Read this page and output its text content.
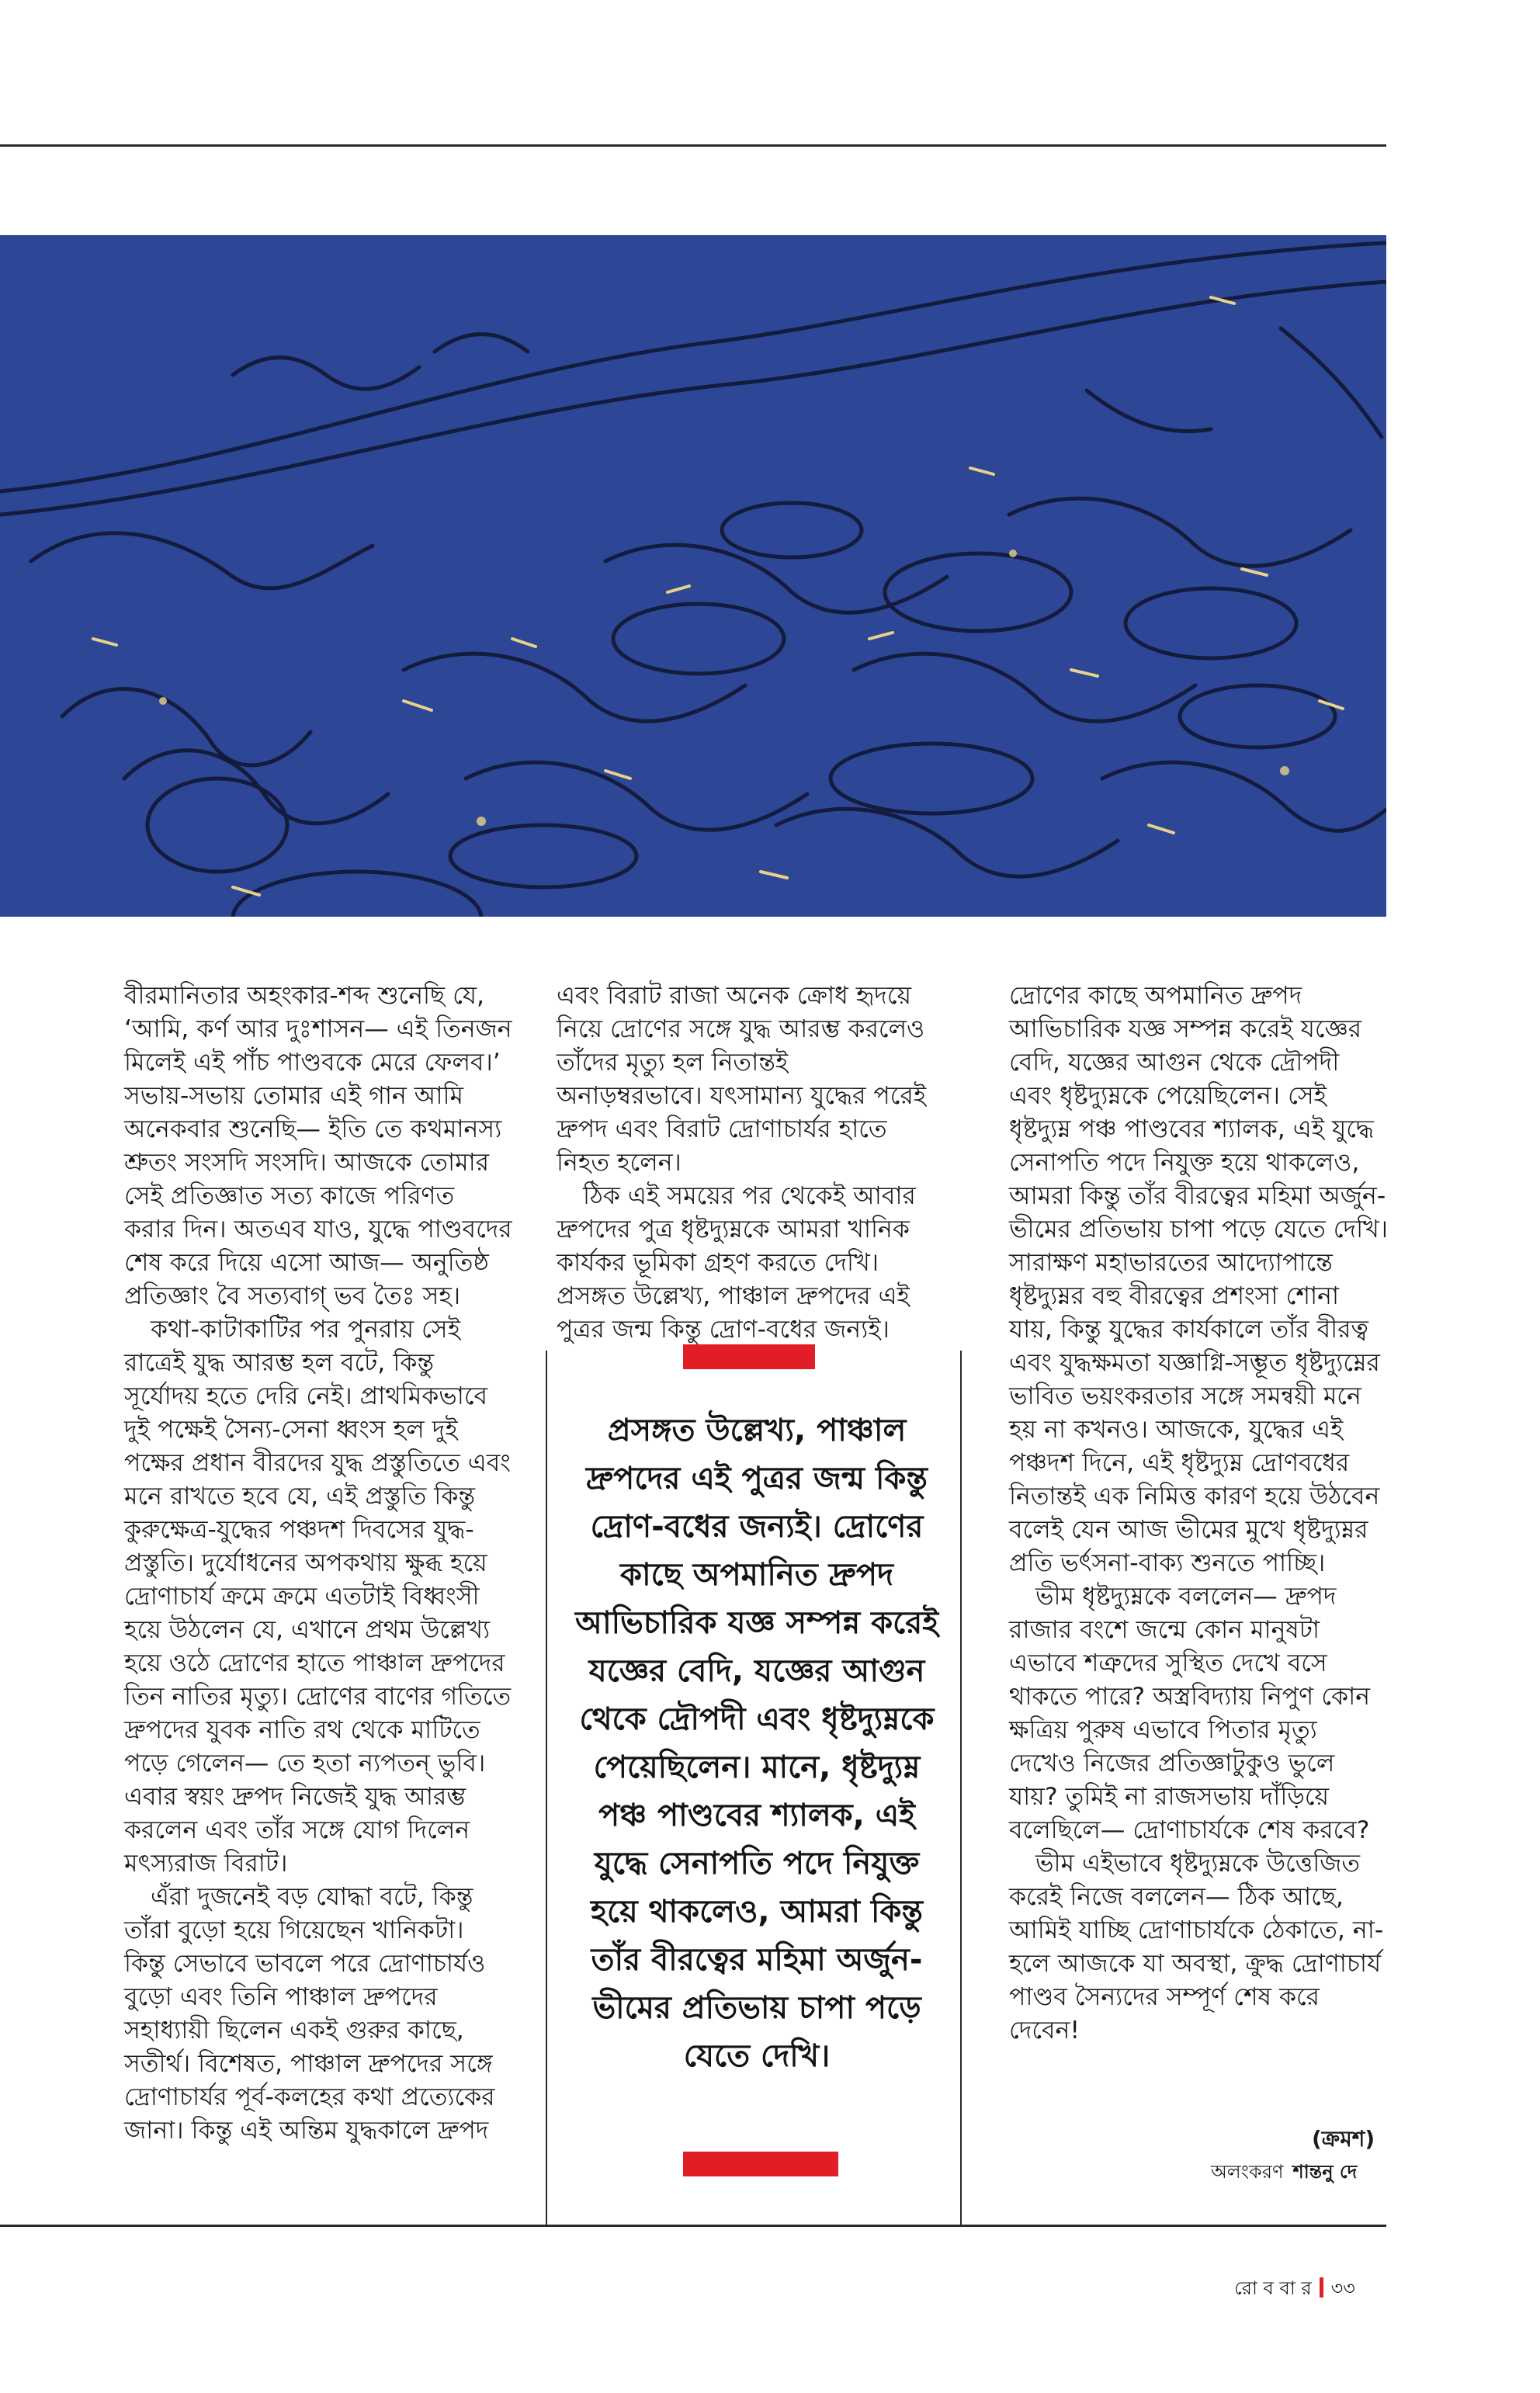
বীরমানিতার অহংকার-শব্দ শুনেছি যে, ‘আমি, কর্ণ আর দুঃশাসন— এই তিনজন মিলেই এই পাঁচ পাণ্ডবকে মেরে ফেলব।’ সভায়-সভায় তোমার এই গান আমি অনেকবার শুনেছি— ইতি তে কথমানস্য শ্রুতং সংসদি সংসদি। আজকে তোমার সেই প্রতিজ্ঞাত সত্য কাজে পরিণত করার দিন। অতএব যাও, যুদ্ধে পাণ্ডবদের শেষ করে দিয়ে এসো আজ— অনুতিষ্ঠ প্রতিজ্ঞাং বৈ সত্যবাগ্‌ ভব তৈঃ সহ।

কথা-কাটাকাটির পর পুনরায় সেই রাত্রেই যুদ্ধ আরম্ভ হল বটে, কিন্তু সূর্যোদয় হতে দেরি নেই। প্রাথমিকভাবে দুই পক্ষেই সৈন্য-সেনা ধ্বংস হল দুই পক্ষের প্রধান বীরদের যুদ্ধ প্রস্তুতিতে এবং মনে রাখতে হবে যে, এই প্রস্তুতি কিন্তু কুরুক্ষেত্র-যুদ্ধের পঞ্চদশ দিবসের যুদ্ধ-প্রস্তুতি। দুর্যোধনের অপকথায় ক্ষুব্ধ হয়ে দ্রোণাচার্য ক্রমে ক্রমে এতটাই বিধ্বংসী হয়ে উঠলেন যে, এখানে প্রথম উল্লেখ্য হয়ে ওঠে দ্রোণের হাতে পাঞ্চাল দ্রুপদের তিন নাতির মৃত্যু। দ্রোণের বাণের গতিতে দ্রুপদের যুবক নাতি রথ থেকে মাটিতে পড়ে গেলেন— তে হতা ন্যপতন্‌ ভুবি। এবার স্বয়ং দ্রুপদ নিজেই যুদ্ধ আরম্ভ করলেন এবং তাঁর সঙ্গে যোগ দিলেন মৎস্যরাজ বিরাট।

এঁরা দুজনেই বড় যোদ্ধা বটে, কিন্তু তাঁরা বুড়ো হয়ে গিয়েছেন খানিকটা। কিন্তু সেভাবে ভাবলে পরে দ্রোণাচার্যও বুড়ো এবং তিনি পাঞ্চাল দ্রুপদের সহাধ্যায়ী ছিলেন একই গুরুর কাছে, সতীর্থ। বিশেষত, পাঞ্চাল দ্রুপদের সঙ্গে দ্রোণাচার্যর পূর্ব-কলহের কথা প্রত্যেকের জানা। কিন্তু এই অন্তিম যুদ্ধকালে দ্রুপদ

এবং বিরাট রাজা অনেক ক্রোধ হৃদয়ে নিয়ে দ্রোণের সঙ্গে যুদ্ধ আরম্ভ করলেও তাঁদের মৃত্যু হল নিতান্তই অনাড়ম্বরভাবে। যৎসামান্য যুদ্ধের পরেই দ্রুপদ এবং বিরাট দ্রোণাচার্যর হাতে নিহত হলেন।

ঠিক এই সময়ের পর থেকেই আবার দ্রুপদের পুত্র ধৃষ্টদ্যুম্নকে আমরা খানিক কার্যকর ভূমিকা গ্রহণ করতে দেখি। প্রসঙ্গত উল্লেখ্য, পাঞ্চাল দ্রুপদের এই পুত্রর জন্ম কিন্তু দ্রোণ-বধের জন্যই।

প্রসঙ্গত উল্লেখ্য, পাঞ্চাল দ্রুপদের এই পুত্রর জন্ম কিন্তু দ্রোণ-বধের জন্যই। দ্রোণের কাছে অপমানিত দ্রুপদ আভিচারিক যজ্ঞ সম্পন্ন করেই যজ্ঞের বেদি, যজ্ঞের আগুন থেকে দ্রৌপদী এবং ধৃষ্টদ্যুম্নকে পেয়েছিলেন। মানে, ধৃষ্টদ্যুম্ন পঞ্চ পাণ্ডবের শ্যালক, এই যুদ্ধে সেনাপতি পদে নিযুক্ত হয়ে থাকলেও, আমরা কিন্তু তাঁর বীরত্বের মহিমা অর্জুন-ভীমের প্রতিভায় চাপা পড়ে যেতে দেখি।

দ্রোণের কাছে অপমানিত দ্রুপদ আভিচারিক যজ্ঞ সম্পন্ন করেই যজ্ঞের বেদি, যজ্ঞের আগুন থেকে দ্রৌপদী এবং ধৃষ্টদ্যুম্নকে পেয়েছিলেন। সেই ধৃষ্টদ্যুম্ন পঞ্চ পাণ্ডবের শ্যালক, এই যুদ্ধে সেনাপতি পদে নিযুক্ত হয়ে থাকলেও, আমরা কিন্তু তাঁর বীরত্বের মহিমা অর্জুন-ভীমের প্রতিভায় চাপা পড়ে যেতে দেখি। সারাক্ষণ মহাভারতের আদ্যোপান্তে ধৃষ্টদ্যুম্নর বহু বীরত্বের প্রশংসা শোনা যায়, কিন্তু যুদ্ধের কার্যকালে তাঁর বীরত্ব এবং যুদ্ধক্ষমতা যজ্ঞাগ্নি-সম্ভূত ধৃষ্টদ্যুম্নের ভাবিত ভয়ংকরতার সঙ্গে সমন্বয়ী মনে হয় না কখনও। আজকে, যুদ্ধের এই পঞ্চদশ দিনে, এই ধৃষ্টদ্যুম্ন দ্রোণবধের নিতান্তই এক নিমিত্ত কারণ হয়ে উঠবেন বলেই যেন আজ ভীমের মুখে ধৃষ্টদ্যুম্নর প্রতি ভর্ৎসনা-বাক্য শুনতে পাচ্ছি।

ভীম ধৃষ্টদ্যুম্নকে বললেন— দ্রুপদ রাজার বংশে জন্মে কোন মানুষটা এভাবে শত্রুদের সুস্থিত দেখে বসে থাকতে পারে? অস্ত্রবিদ্যায় নিপুণ কোন ক্ষত্রিয় পুরুষ এভাবে পিতার মৃত্যু দেখেও নিজের প্রতিজ্ঞাটুকুও ভুলে যায়? তুমিই না রাজসভায় দাঁড়িয়ে বলেছিলে— দ্রোণাচার্যকে শেষ করবে?

ভীম এইভাবে ধৃষ্টদ্যুম্নকে উত্তেজিত করেই নিজে বললেন— ঠিক আছে, আমিই যাচ্ছি দ্রোণাচার্যকে ঠেকাতে, না-হলে আজকে যা অবস্থা, ক্রুদ্ধ দ্রোণাচার্য পাণ্ডব সৈন্যদের সম্পূর্ণ শেষ করে দেবেন!

(ক্রমশ)
অলংকরণ শান্তনু দে
রো ব বা র ৩৩
